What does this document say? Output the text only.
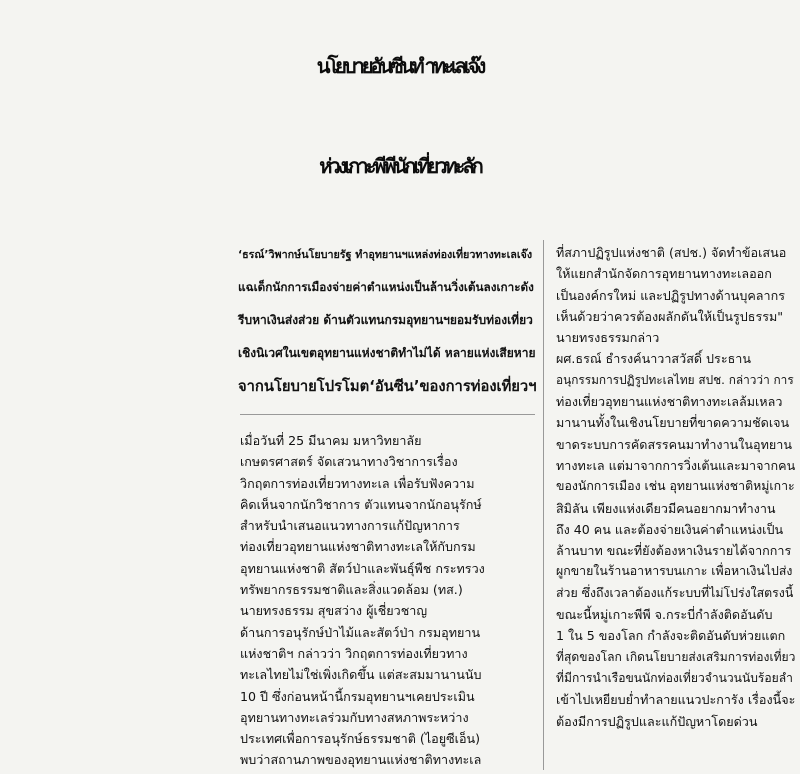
นโยบายอันซีนทำทะเลเจ๊ง
ห่วงเกาะพีพีนักเที่ยวทะลัก

‘ธรณ์’วิพากษ์นโยบายรัฐ ทำอุทยานฯแหล่งท่องเที่ยวทางทะเลเจ๊ง

แฉเด็กนักการเมืองจ่ายค่าตำแหน่งเป็นล้านวิ่งเต้นลงเกาะดัง

รีบหาเงินส่งส่วย ด้านตัวแทนกรมอุทยานฯยอมรับท่องเที่ยว

เชิงนิเวศในเขตอุทยานแห่งชาติทำไม่ได้ หลายแห่งเสียหาย

จากนโยบายโปรโมต‘อันซีน’ของการท่องเที่ยวฯ

เมื่อวันที่ 25 มีนาคม มหาวิทยาลัย

เกษตรศาสตร์ จัดเสวนาทางวิชาการเรื่อง

วิกฤตการท่องเที่ยวทางทะเล เพื่อรับฟังความ

คิดเห็นจากนักวิชาการ ตัวแทนจากนักอนุรักษ์

สำหรับนำเสนอแนวทางการแก้ปัญหาการ

ท่องเที่ยวอุทยานแห่งชาติทางทะเลให้กับกรม

อุทยานแห่งชาติ สัตว์ป่าและพันธุ์พืช กระทรวง

ทรัพยากรธรรมชาติและสิ่งแวดล้อม (ทส.)

นายทรงธรรม สุขสว่าง ผู้เชี่ยวชาญ

ด้านการอนุรักษ์ป่าไม้และสัตว์ป่า กรมอุทยาน

แห่งชาติฯ กล่าวว่า วิกฤตการท่องเที่ยวทาง

ทะเลไทยไม่ใช่เพิ่งเกิดขึ้น แต่สะสมมานานนับ

10 ปี ซึ่งก่อนหน้านี้กรมอุทยานฯเคยประเมิน

อุทยานทางทะเลร่วมกับทางสหภาพระหว่าง

ประเทศเพื่อการอนุรักษ์ธรรมชาติ (ไอยูซีเอ็น)

พบว่าสถานภาพของอุทยานแห่งชาติทางทะเล

ที่สภาปฏิรูปแห่งชาติ (สปช.) จัดทำข้อเสนอ

ให้แยกสำนักจัดการอุทยานทางทะเลออก

เป็นองค์กรใหม่ และปฏิรูปทางด้านบุคลากร

เห็นด้วยว่าควรต้องผลักดันให้เป็นรูปธรรม"

นายทรงธรรมกล่าว

ผศ.ธรณ์ ธำรงค์นาวาสวัสดิ์ ประธาน

อนุกรรมการปฏิรูปทะเลไทย สปช. กล่าวว่า การ

ท่องเที่ยวอุทยานแห่งชาติทางทะเลล้มเหลว

มานานทั้งในเชิงนโยบายที่ขาดความชัดเจน

ขาดระบบการคัดสรรคนมาทำงานในอุทยาน

ทางทะเล แต่มาจากการวิ่งเต้นและมาจากคน

ของนักการเมือง เช่น อุทยานแห่งชาติหมู่เกาะ

สิมิลัน เพียงแห่งเดียวมีคนอยากมาทำงาน

ถึง 40 คน และต้องจ่ายเงินค่าตำแหน่งเป็น

ล้านบาท ขณะที่ยังต้องหาเงินรายได้จากการ

ผูกขายในร้านอาหารบนเกาะ เพื่อหาเงินไปส่ง

ส่วย ซึ่งถึงเวลาต้องแก้ระบบที่ไม่โปร่งใสตรงนี้

ขณะนี้หมู่เกาะพีพี จ.กระบี่กำลังติดอันดับ

1 ใน 5 ของโลก กำลังจะติดอันดับห่วยแตก

ที่สุดของโลก เกิดนโยบายส่งเสริมการท่องเที่ยว

ที่มีการนำเรือขนนักท่องเที่ยวจำนวนนับร้อยลำ

เข้าไปเหยียบย่ำทำลายแนวปะการัง เรื่องนี้จะ

ต้องมีการปฏิรูปและแก้ปัญหาโดยด่วน
